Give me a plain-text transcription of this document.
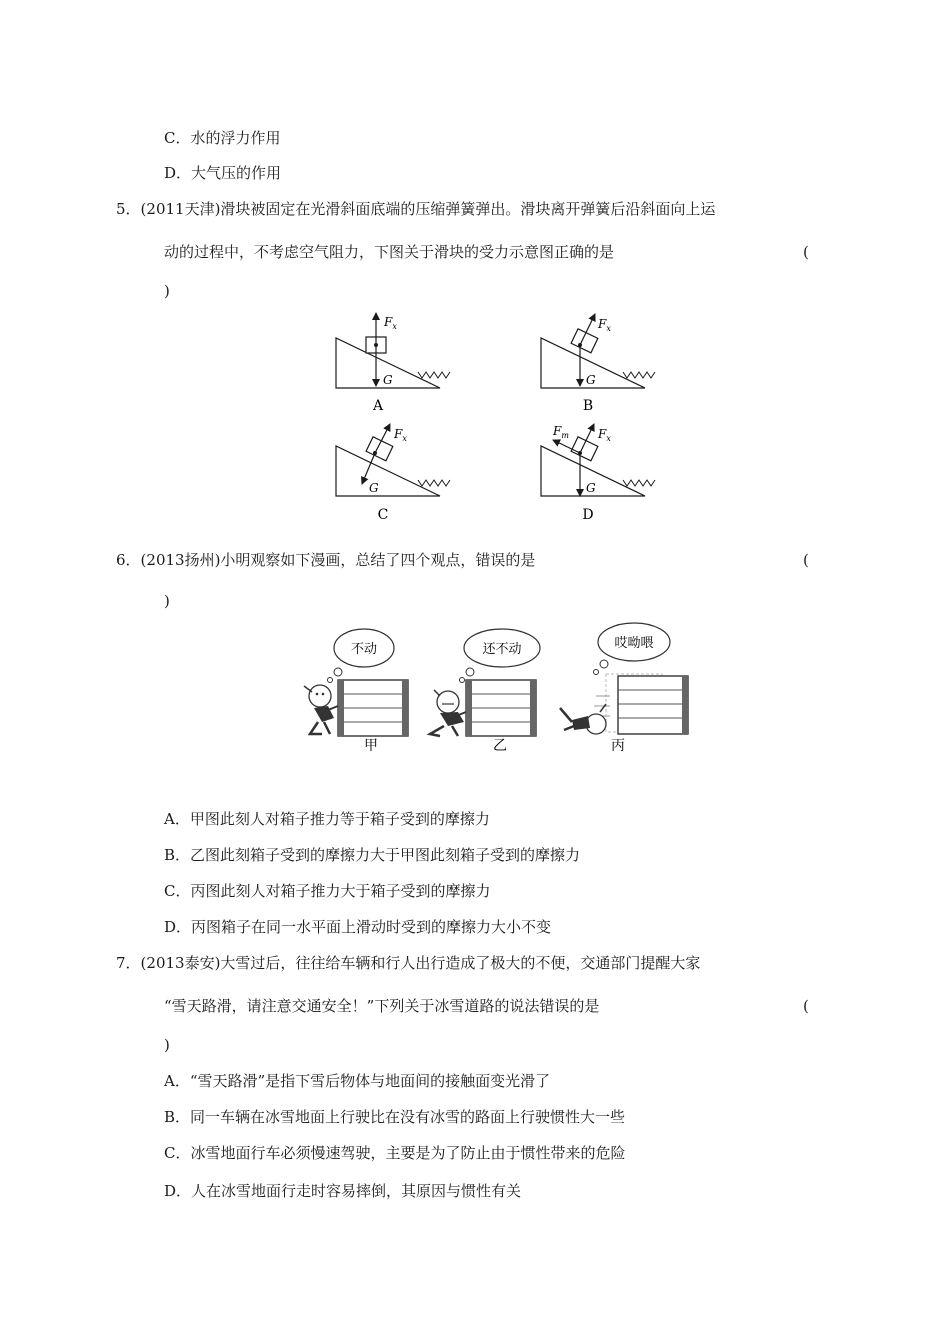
C．水的浮力作用
D．大气压的作用
5．(2011天津)滑块被固定在光滑斜面底端的压缩弹簧弹出。滑块离开弹簧后沿斜面向上运
动的过程中，不考虑空气阻力，下图关于滑块的受力示意图正确的是	(
)
$F_x$
G
A
$F_x$
G
B
$F_x$
G
C
$F_m$ $F_x$
G
D
6．(2013扬州)小明观察如下漫画，总结了四个观点，错误的是	(
)
不动
甲
还不动
乙
哎呦喂
丙
A．甲图此刻人对箱子推力等于箱子受到的摩擦力
B．乙图此刻箱子受到的摩擦力大于甲图此刻箱子受到的摩擦力
C．丙图此刻人对箱子推力大于箱子受到的摩擦力
D．丙图箱子在同一水平面上滑动时受到的摩擦力大小不变
7．(2013泰安)大雪过后，往往给车辆和行人出行造成了极大的不便，交通部门提醒大家
“雪天路滑，请注意交通安全！”下列关于冰雪道路的说法错误的是	(
)
A．“雪天路滑”是指下雪后物体与地面间的接触面变光滑了
B．同一车辆在冰雪地面上行驶比在没有冰雪的路面上行驶惯性大一些
C．冰雪地面行车必须慢速驾驶，主要是为了防止由于惯性带来的危险
D．人在冰雪地面行走时容易摔倒，其原因与惯性有关
